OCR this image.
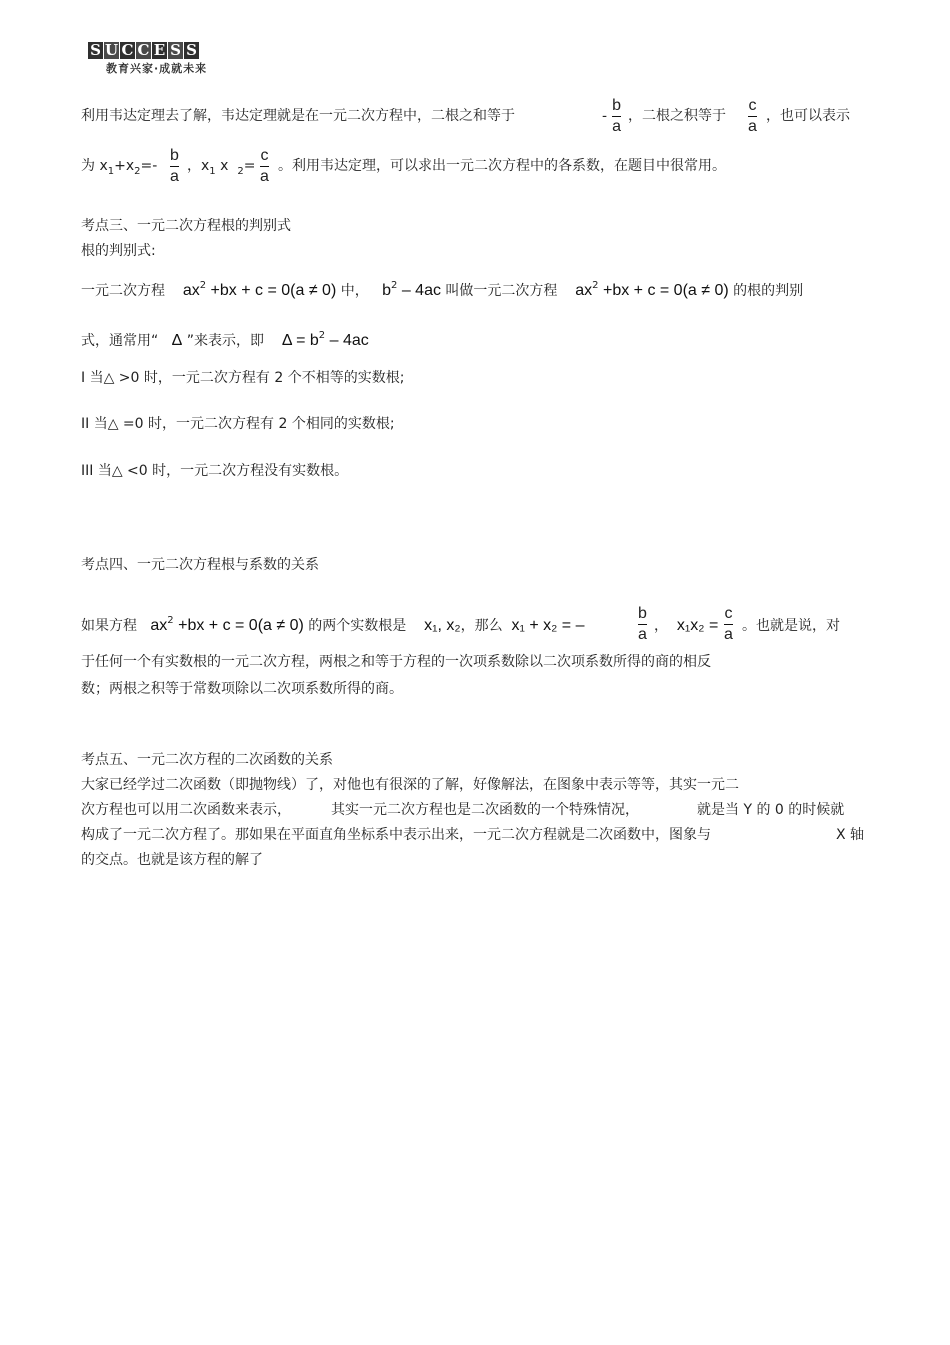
S U C C E S S
教育兴家·成就未来
利用韦达定理去了解，韦达定理就是在一元二次方程中，二根之和等于	- $\frac{b}{a}$ ，二根之积等于 $\frac{c}{a}$ ，也可以表示
为 $x_1+x_2=- \frac{b}{a}$ ，$x_1$ x $_2= \frac{c}{a}$ 。利用韦达定理，可以求出一元二次方程中的各系数，在题目中很常用。
考点三、一元二次方程根的判别式
根的判别式:
一元二次方程 $ax^2 +bx + c = 0(a \ne 0)$ 中， $b^2 - 4ac$ 叫做一元二次方程 $ax^2 +bx + c = 0(a \ne 0)$ 的根的判别
式，通常用“ Δ ”来表示，即 $\Delta = b^2 - 4ac$
I 当△ >0 时，一元二次方程有 2 个不相等的实数根;
II 当△ =0 时，一元二次方程有 2 个相同的实数根;
III 当△ <0 时，一元二次方程没有实数根。
考点四、一元二次方程根与系数的关系
如果方程 $ax^2 +bx + c = 0(a \ne 0)$ 的两个实数根是 x₁, x₂，那么 x₁ + x₂ = –	$\frac{b}{a}$ ， $x_1x_2 = \frac{c}{a}$ 。也就是说，对
于任何一个有实数根的一元二次方程，两根之和等于方程的一次项系数除以二次项系数所得的商的相反
数；两根之积等于常数项除以二次项系数所得的商。
考点五、一元二次方程的二次函数的关系
大家已经学过二次函数（即抛物线）了，对他也有很深的了解，好像解法，在图象中表示等等，其实一元二
次方程也可以用二次函数来表示，	其实一元二次方程也是二次函数的一个特殊情况，	就是当 Y 的 0 的时候就
构成了一元二次方程了。那如果在平面直角坐标系中表示出来，一元二次方程就是二次函数中，图象与	X 轴
的交点。也就是该方程的解了
